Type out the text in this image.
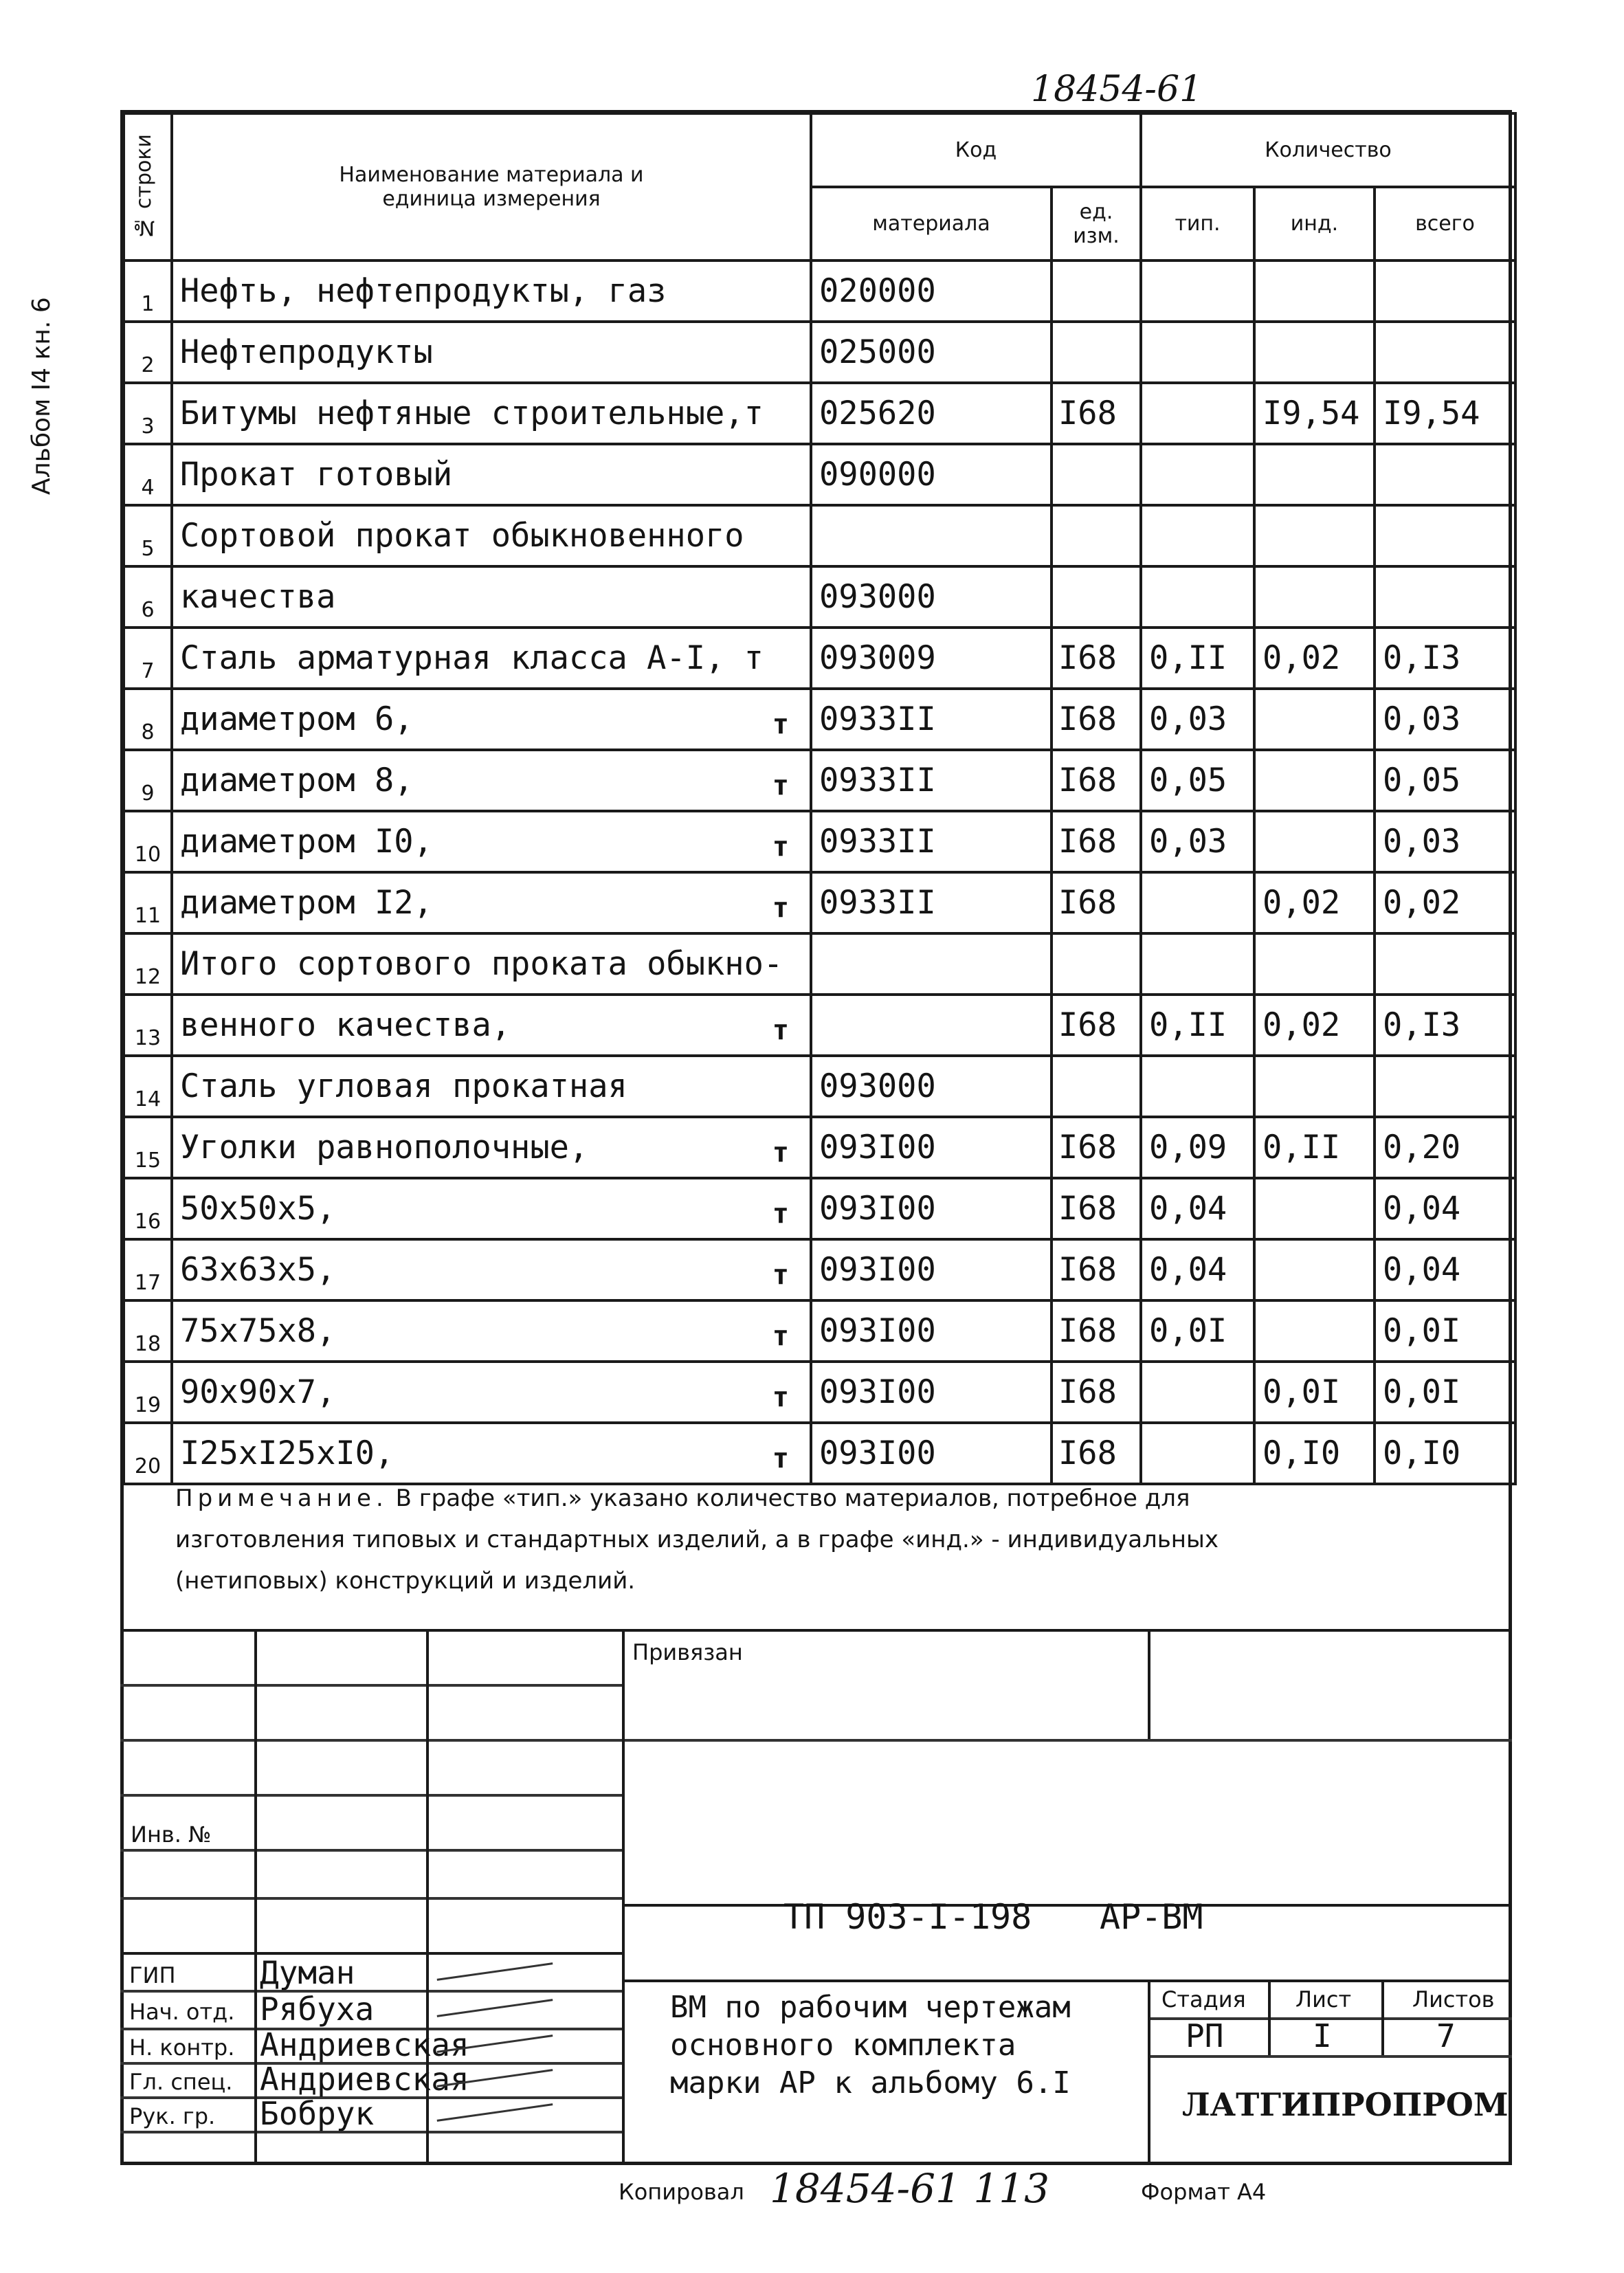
18454-61
Альбом I4 кн. 6
№ строки	Наименование материала и единица измерения	Код		Количество		
		материала	ед. изм.	тип.	инд.	всего
1	Нефть, нефтепродукты, газ	020000				
2	Нефтепродукты	025000				
3	Битумы нефтяные строительные,т	025620	I68		I9,54	I9,54
4	Прокат готовый	090000				
5	Сортовой прокат обыкновенного

6	качества	093000				
7	Сталь арматурная класса А-I, т	093009	I68	0,II	0,02	0,I3
8	диаметром 6, т	0933II	I68	0,03		0,03
9	диаметром 8, т	0933II	I68	0,05		0,05
10	диаметром I0, т	0933II	I68	0,03		0,03
11	диаметром I2, т	0933II	I68		0,02	0,02
12	Итого сортового проката обыкно-

13	венного качества, т		I68	0,II	0,02	0,I3
14	Сталь угловая прокатная	093000				
15	Уголки равнополочные, т	093I00	I68	0,09	0,II	0,20
16	50x50x5, т	093I00	I68	0,04		0,04
17	63x63x5, т	093I00	I68	0,04		0,04
18	75x75x8, т	093I00	I68	0,0I		0,0I
19	90x90x7, т	093I00	I68		0,0I	0,0I
20	I25xI25xI0, т	093I00	I68		0,I0	0,I0
Примечание. В графе «тип.» указано количество материалов, потребное для
изготовления типовых и стандартных изделий, а в графе «инд.» - индивидуальных
(нетиповых) конструкций и изделий.
Привязан
Инв. №
ТП 903-I-198 АР-ВМ
ВМ по рабочим чертежам
основного комплекта
марки АР к альбому 6.I
Стадия Лист	Листов
РП	I	7
ЛАТГИПРОПРОМ
ГИП	Думан
Нач. отд. Рябуха
Н. контр. Андриевская
Гл. спец. Андриевская
Рук. гр. Бобрук
Копировал 18454-61 113	Формат А4
